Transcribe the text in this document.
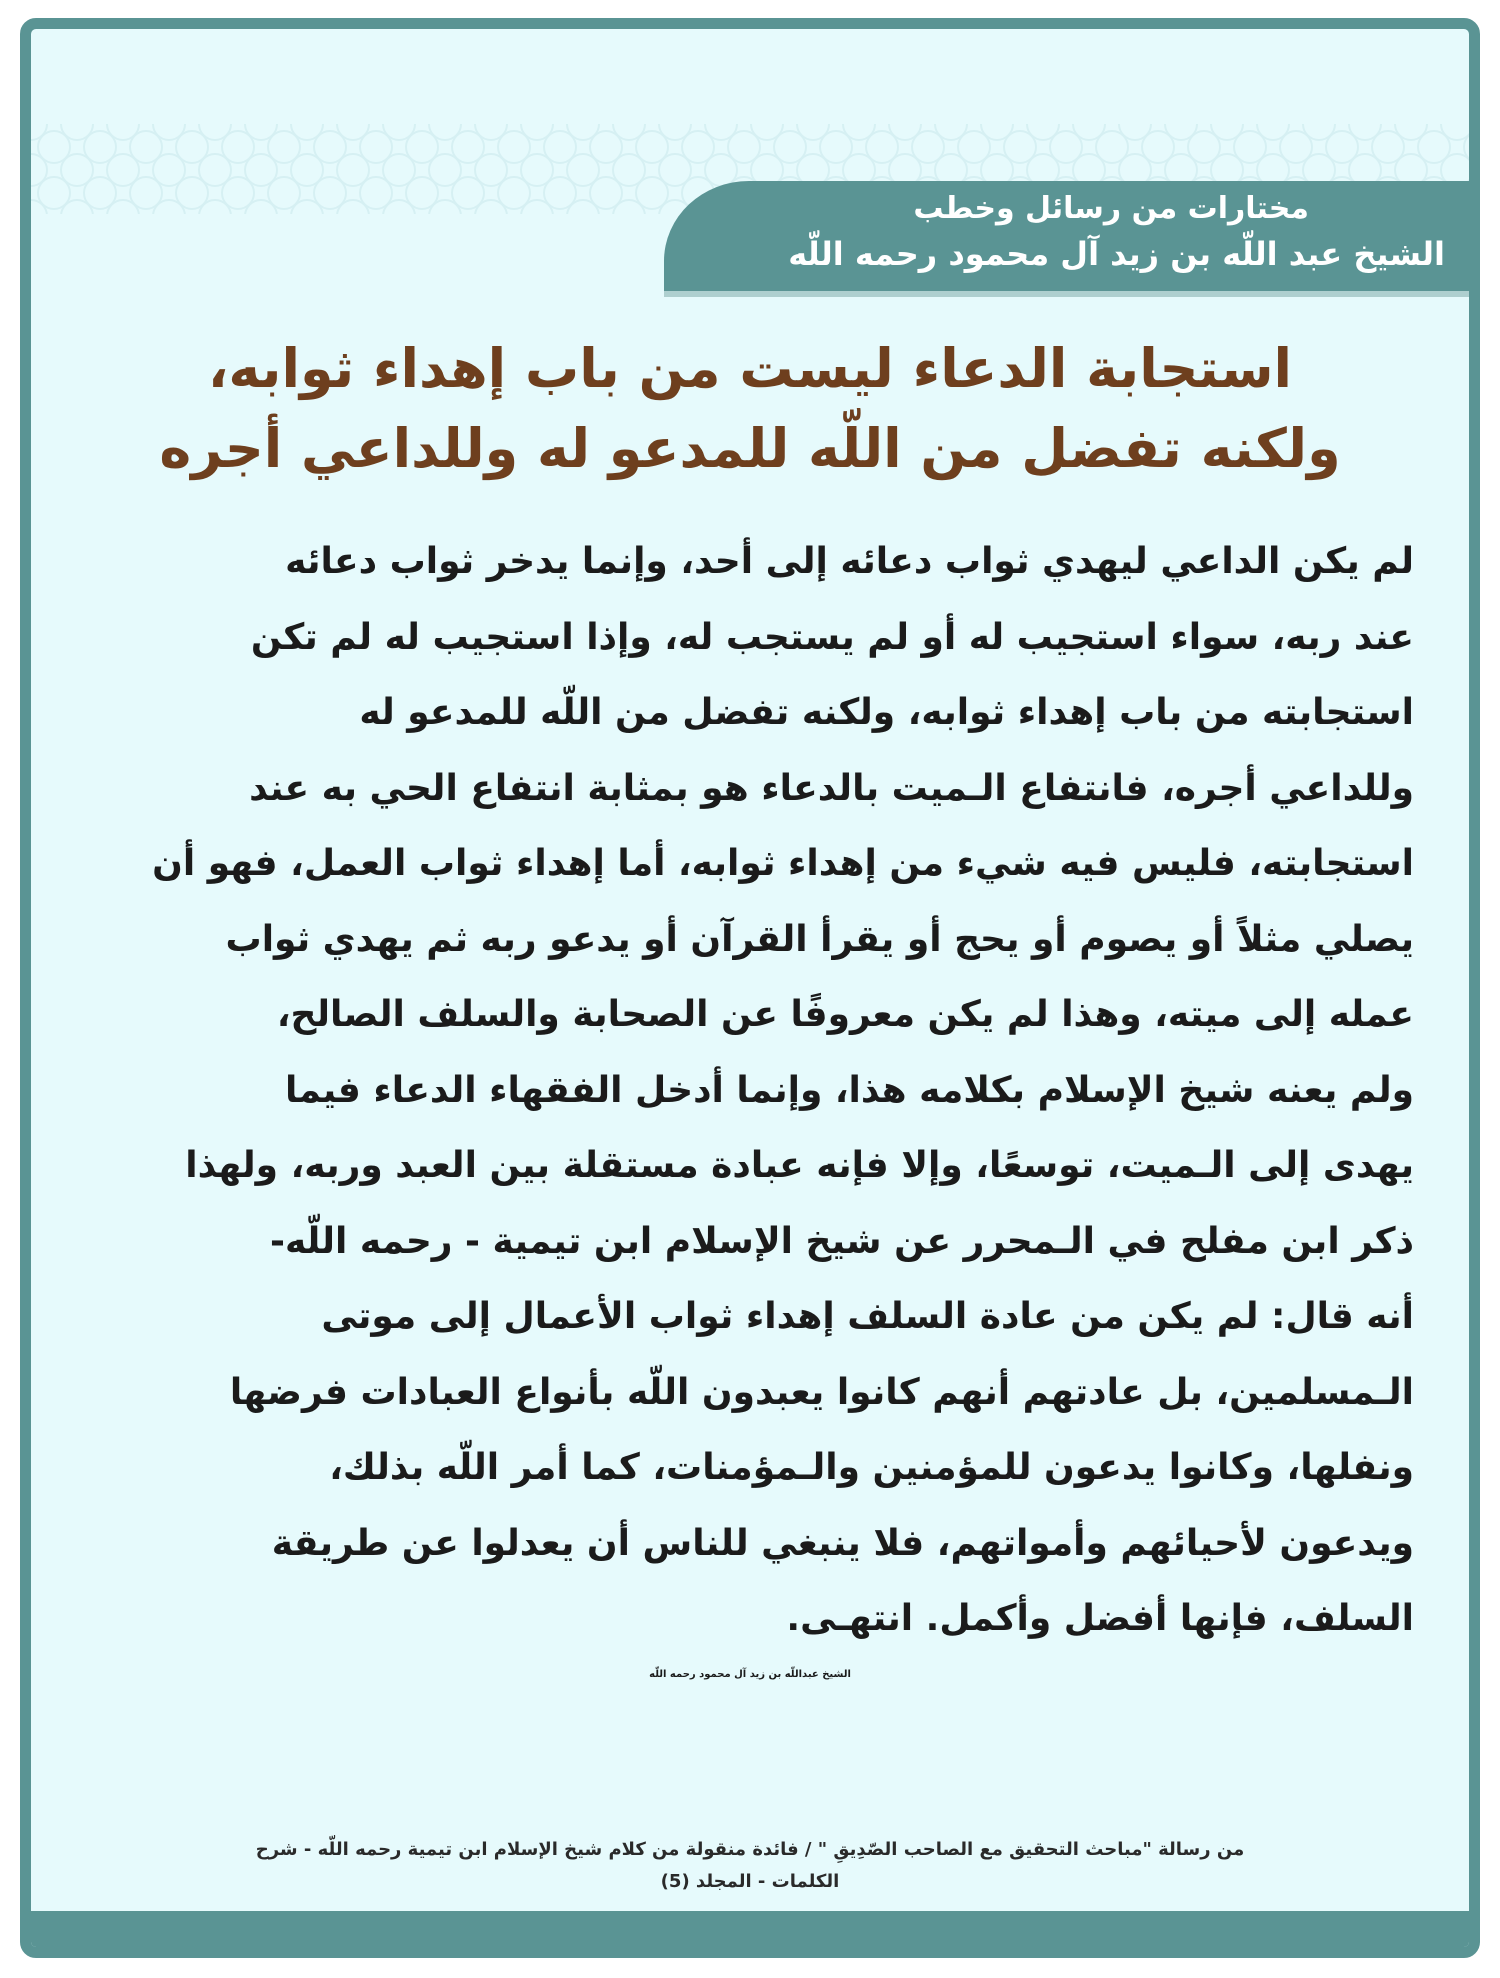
مختارات من رسائل وخطب
الشيخ عبد اللّه بن زيد آل محمود رحمه اللّه
استجابة الدعاء ليست من باب إهداء ثوابه،
ولكنه تفضل من اللّه للمدعو له وللداعي أجره
لم يكن الداعي ليهدي ثواب دعائه إلى أحد، وإنما يدخر ثواب دعائه
عند ربه، سواء استجيب له أو لم يستجب له، وإذا استجيب له لم تكن
استجابته من باب إهداء ثوابه، ولكنه تفضل من اللّه للمدعو له
وللداعي أجره، فانتفاع الـميت بالدعاء هو بمثابة انتفاع الحي به عند
استجابته، فليس فيه شيء من إهداء ثوابه، أما إهداء ثواب العمل، فهو أن
يصلي مثلاً أو يصوم أو يحج أو يقرأ القرآن أو يدعو ربه ثم يهدي ثواب
عمله إلى ميته، وهذا لم يكن معروفًا عن الصحابة والسلف الصالح،
ولم يعنه شيخ الإسلام بكلامه هذا، وإنما أدخل الفقهاء الدعاء فيما
يهدى إلى الـميت، توسعًا، وإلا فإنه عبادة مستقلة بين العبد وربه، ولهذا
ذكر ابن مفلح في الـمحرر عن شيخ الإسلام ابن تيمية - رحمه اللّه-
أنه قال: لم يكن من عادة السلف إهداء ثواب الأعمال إلى موتى
الـمسلمين، بل عادتهم أنهم كانوا يعبدون اللّه بأنواع العبادات فرضها
ونفلها، وكانوا يدعون للمؤمنين والـمؤمنات، كما أمر اللّه بذلك،
ويدعون لأحيائهم وأمواتهم، فلا ينبغي للناس أن يعدلوا عن طريقة
السلف، فإنها أفضل وأكمل. انتهـى.
الشيخ عبداللّه بن زيد آل محمود رحمه اللّه
من رسالة "مباحث التحقيق مع الصاحب الصّدِيقِ " / فائدة منقولة من كلام شيخ الإسلام ابن تيمية رحمه اللّه - شرح
الكلمات - المجلد (5)
